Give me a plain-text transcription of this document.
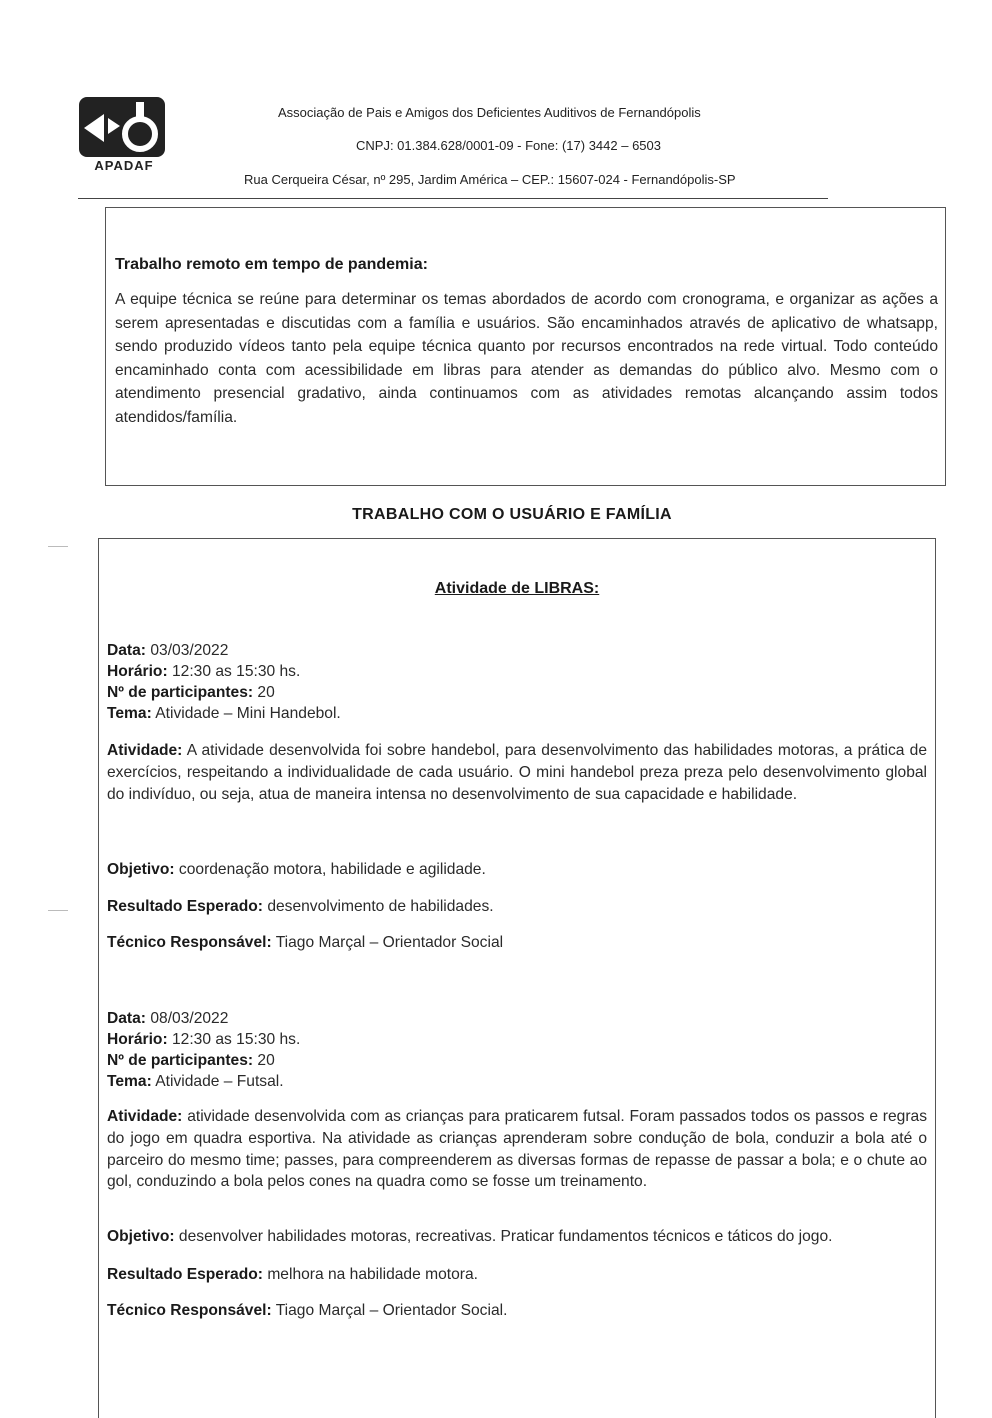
APADAF
Associação de Pais e Amigos dos Deficientes Auditivos de Fernandópolis
CNPJ: 01.384.628/0001-09 - Fone: (17) 3442 – 6503
Rua Cerqueira César, nº 295, Jardim América – CEP.: 15607-024 - Fernandópolis-SP
Trabalho remoto em tempo de pandemia:
A equipe técnica se reúne para determinar os temas abordados de acordo com cronograma, e organizar as ações a serem apresentadas e discutidas com a família e usuários. São encaminhados através de aplicativo de whatsapp, sendo produzido vídeos tanto pela equipe técnica quanto por recursos encontrados na rede virtual. Todo conteúdo encaminhado conta com acessibilidade em libras para atender as demandas do público alvo. Mesmo com o atendimento presencial gradativo, ainda continuamos com as atividades remotas alcançando assim todos atendidos/família.
TRABALHO COM O USUÁRIO E FAMÍLIA
Atividade de LIBRAS:
Data: 03/03/2022
Horário: 12:30 as 15:30 hs.
Nº de participantes: 20
Tema: Atividade – Mini Handebol.
Atividade: A atividade desenvolvida foi sobre handebol, para desenvolvimento das habilidades motoras, a prática de exercícios, respeitando a individualidade de cada usuário. O mini handebol preza preza pelo desenvolvimento global do indivíduo, ou seja, atua de maneira intensa no desenvolvimento de sua capacidade e habilidade.
Objetivo: coordenação motora, habilidade e agilidade.
Resultado Esperado: desenvolvimento de habilidades.
Técnico Responsável: Tiago Marçal – Orientador Social
Data: 08/03/2022
Horário: 12:30 as 15:30 hs.
Nº de participantes: 20
Tema: Atividade – Futsal.
Atividade: atividade desenvolvida com as crianças para praticarem futsal. Foram passados todos os passos e regras do jogo em quadra esportiva. Na atividade as crianças aprenderam sobre condução de bola, conduzir a bola até o parceiro do mesmo time; passes, para compreenderem as diversas formas de repasse de passar a bola; e o chute ao gol, conduzindo a bola pelos cones na quadra como se fosse um treinamento.
Objetivo: desenvolver habilidades motoras, recreativas. Praticar fundamentos técnicos e táticos do jogo.
Resultado Esperado: melhora na habilidade motora.
Técnico Responsável: Tiago Marçal – Orientador Social.
